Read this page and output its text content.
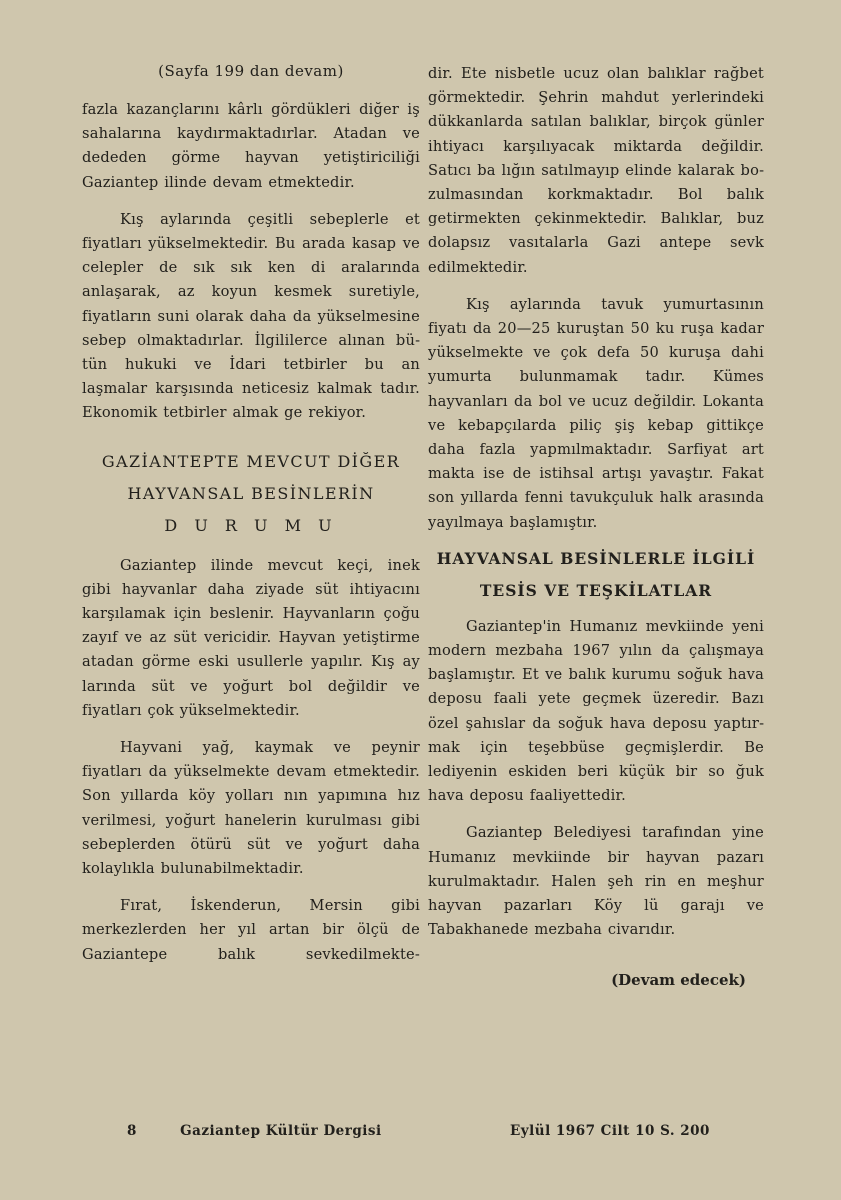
(Sayfa 199 dan devam)

fazla kazançlarını kârlı gördükleri diğer iş sahalarına kaydırmaktadırlar. Atadan ve dededen görme hayvan yetiştiriciliği Gaziantep ilinde devam etmektedir.

Kış aylarında çeşitli sebeplerle et fiyatları yükselmektedir. Bu arada kasap ve celepler de sık sık ken di aralarında anlaşarak, az koyun kesmek suretiyle, fiyatların suni olarak daha da yükselmesine sebep olmaktadırlar. İlgililerce alınan bütün hukuki ve İdari tetbirler bu an laşmalar karşısında neticesiz kalmak tadır. Ekonomik tetbirler almak ge rekiyor.

GAZİANTEPTE MEVCUT DİĞER

HAYVANSAL BESİNLERİN

D U R U M U

Gaziantep ilinde mevcut keçi, inek gibi hayvanlar daha ziyade süt ihtiyacını karşılamak için beslenir. Hayvanların çoğu zayıf ve az süt vericidir. Hayvan yetiştirme atadan görme eski usullerle yapılır. Kış ay larında süt ve yoğurt bol değildir ve fiyatları çok yükselmektedir.

Hayvani yağ, kaymak ve peynir fiyatları da yükselmekte devam etmektedir. Son yıllarda köy yolları nın yapımına hız verilmesi, yoğurt hanelerin kurulması gibi sebeplerden ötürü süt ve yoğurt daha kolaylıkla bulunabilmektadir.

Fırat, İskenderun, Mersin gibi merkezlerden her yıl artan bir ölçü de Gaziantepe balık sevkedilmekte-

dir. Ete nisbetle ucuz olan balıklar rağbet görmektedir. Şehrin mahdut yerlerindeki dükkanlarda satılan balıklar, birçok günler ihtiyacı karşılıyacak miktarda değildir. Satıcı ba lığın satılmayıp elinde kalarak bozulmasından korkmaktadır. Bol balık getirmekten çekinmektedir. Balıklar, buz dolapsız vasıtalarla Gazi antepe sevk edilmektedir.

Kış aylarında tavuk yumurtasının fiyatı da 20—25 kuruştan 50 ku ruşa kadar yükselmekte ve çok defa 50 kuruşa dahi yumurta bulunmamak tadır. Kümes hayvanları da bol ve ucuz değildir. Lokanta ve kebapçılarda piliç şiş kebap gittikçe daha fazla yapmılmaktadır. Sarfiyat art makta ise de istihsal artışı yavaştır. Fakat son yıllarda fenni tavukçuluk halk arasında yayılmaya başlamıştır.

HAYVANSAL BESİNLERLE İLGİLİ

TESİS VE TEŞKİLATLAR

Gaziantep'in Humanız mevkiinde yeni modern mezbaha 1967 yılın da çalışmaya başlamıştır. Et ve balık kurumu soğuk hava deposu faali yete geçmek üzeredir. Bazı özel şahıslar da soğuk hava deposu yaptırmak için teşebbüse geçmişlerdir. Be lediyenin eskiden beri küçük bir so ğuk hava deposu faaliyettedir.

Gaziantep Belediyesi tarafından yine Humanız mevkiinde bir hayvan pazarı kurulmaktadır. Halen şeh rin en meşhur hayvan pazarları Köy lü garajı ve Tabakhanede mezbaha civarıdır.

(Devam edecek)
8	Gaziantep Kültür Dergisi	Eylül 1967 Cilt 10 S. 200
